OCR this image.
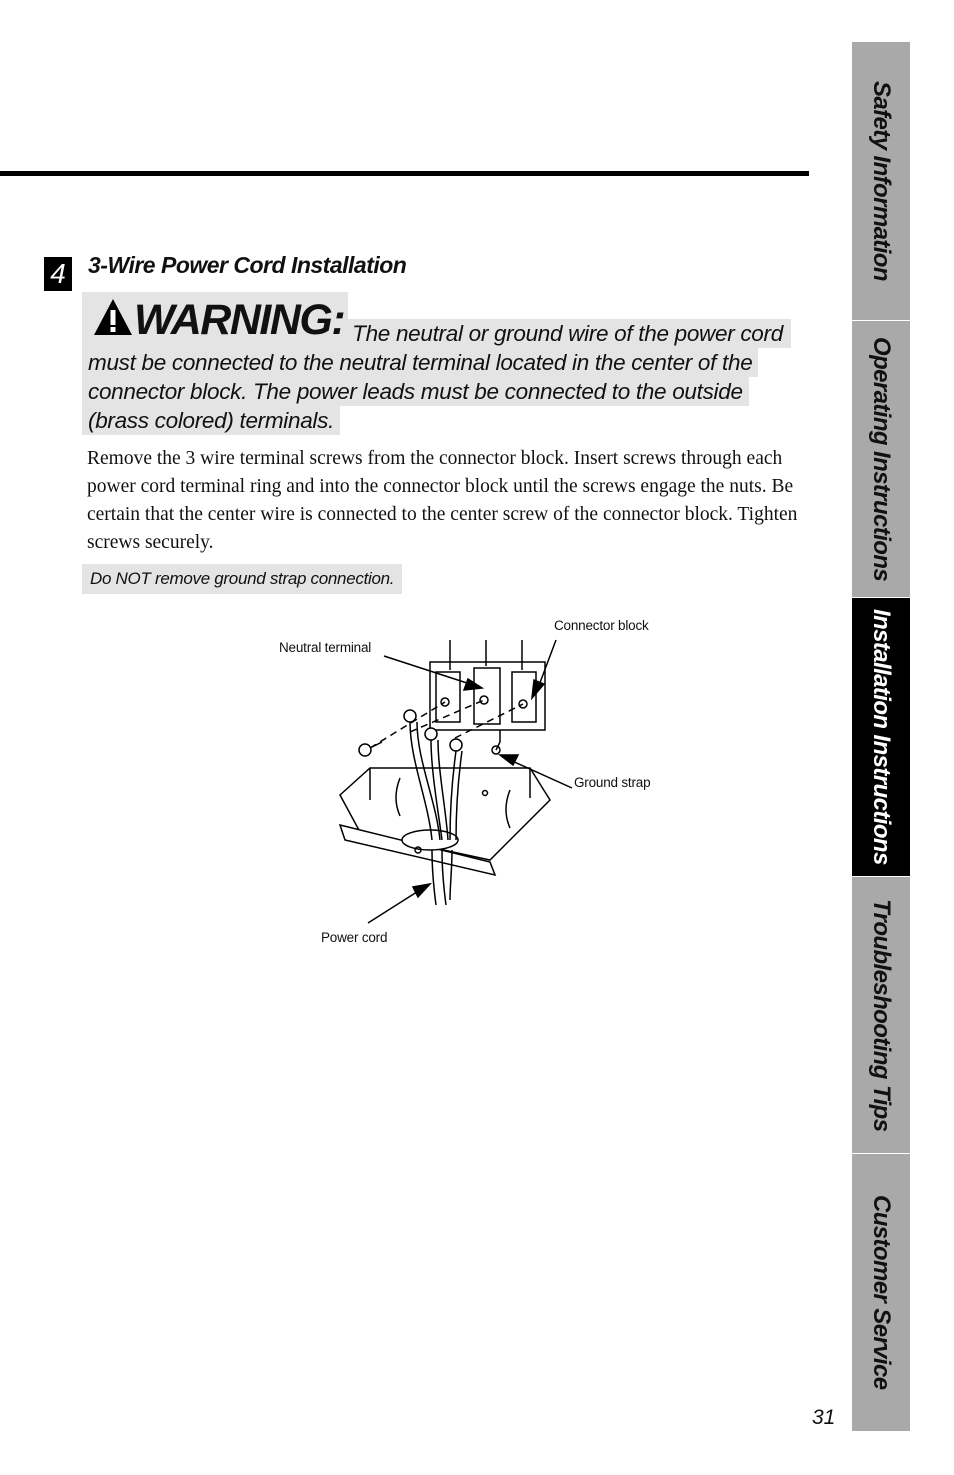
4 3-Wire Power Cord Installation
WARNING: The neutral or ground wire of the power cord
must be connected to the neutral terminal located in the center of the
connector block. The power leads must be connected to the outside
(brass colored) terminals.

Remove the 3 wire terminal screws from the connector block. Insert screws through each power cord terminal ring and into the connector block until the screws engage the nuts. Be certain that the center wire is connected to the center screw of the connector block. Tighten screws securely.

Do NOT remove ground strap connection.
Connector block
Neutral terminal
Ground strap
Power cord
Safety Information
Operating Instructions
Installation Instructions
Troubleshooting Tips
Customer Service
31
